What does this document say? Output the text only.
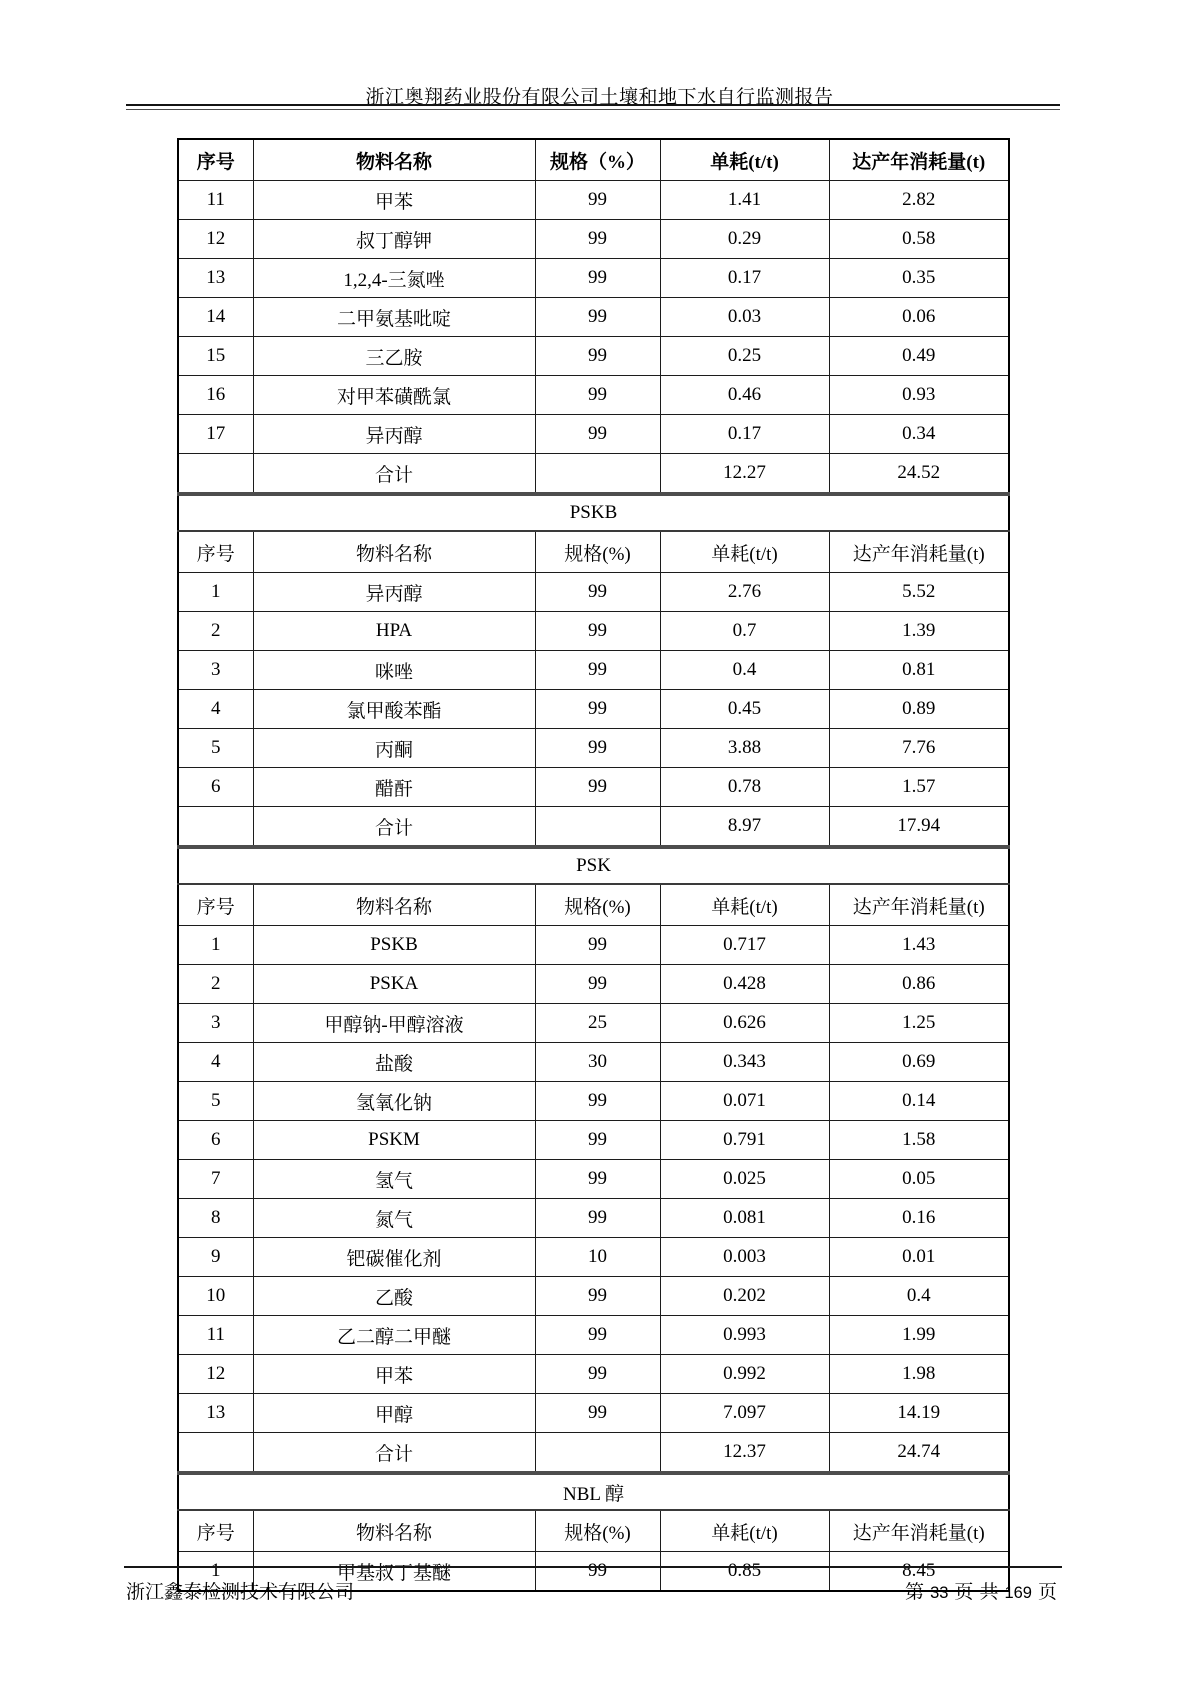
浙江奥翔药业股份有限公司土壤和地下水自行监测报告
序号	物料名称	规格（%）	单耗(t/t)	达产年消耗量(t)
11	甲苯	99	1.41	2.82
12	叔丁醇钾	99	0.29	0.58
13	1,2,4-三氮唑	99	0.17	0.35
14	二甲氨基吡啶	99	0.03	0.06
15	三乙胺	99	0.25	0.49
16	对甲苯磺酰氯	99	0.46	0.93
17	异丙醇	99	0.17	0.34
	合计		12.27	24.52
PSKB				
序号	物料名称	规格(%)	单耗(t/t)	达产年消耗量(t)
1	异丙醇	99	2.76	5.52
2	HPA	99	0.7	1.39
3	咪唑	99	0.4	0.81
4	氯甲酸苯酯	99	0.45	0.89
5	丙酮	99	3.88	7.76
6	醋酐	99	0.78	1.57
	合计		8.97	17.94
PSK				
序号	物料名称	规格(%)	单耗(t/t)	达产年消耗量(t)
1	PSKB	99	0.717	1.43
2	PSKA	99	0.428	0.86
3	甲醇钠-甲醇溶液	25	0.626	1.25
4	盐酸	30	0.343	0.69
5	氢氧化钠	99	0.071	0.14
6	PSKM	99	0.791	1.58
7	氢气	99	0.025	0.05
8	氮气	99	0.081	0.16
9	钯碳催化剂	10	0.003	0.01
10	乙酸	99	0.202	0.4
11	乙二醇二甲醚	99	0.993	1.99
12	甲苯	99	0.992	1.98
13	甲醇	99	7.097	14.19
	合计		12.37	24.74
NBL 醇				
序号	物料名称	规格(%)	单耗(t/t)	达产年消耗量(t)
1	甲基叔丁基醚	99	0.85	8.45
浙江鑫泰检测技术有限公司	第 33 页 共 169 页
